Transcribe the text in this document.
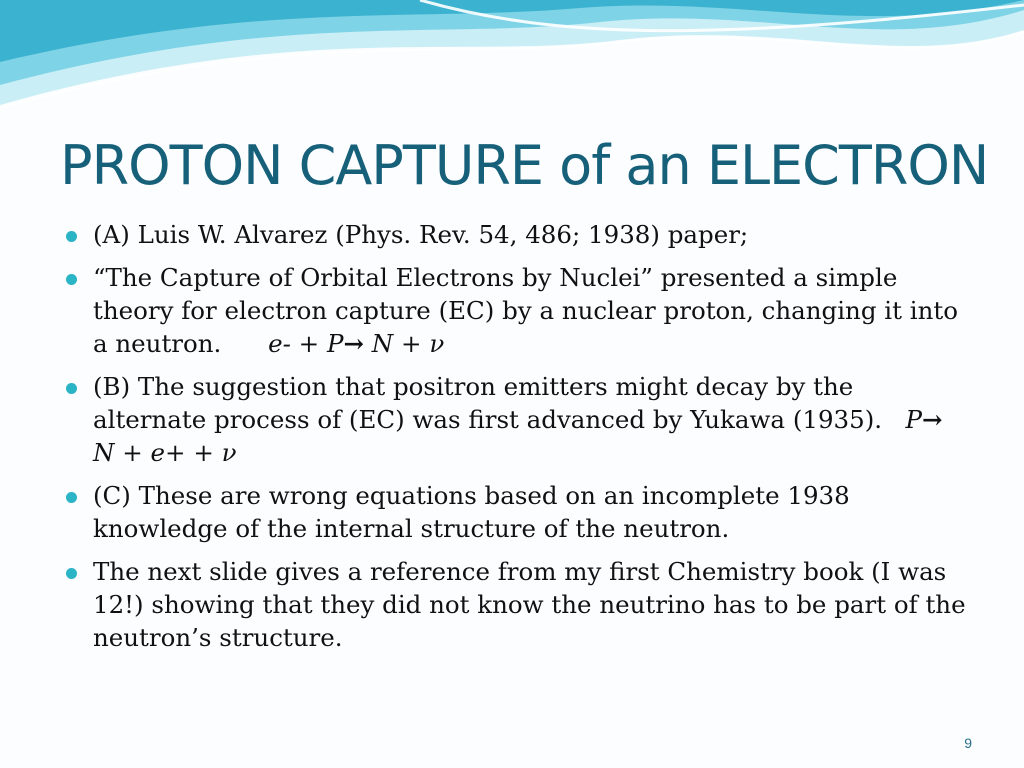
PROTON CAPTURE of an ELECTRON
(A) Luis W. Alvarez (Phys. Rev. 54, 486; 1938) paper;
“The Capture of Orbital Electrons by Nuclei” presented a simple theory for electron capture (EC) by a nuclear proton, changing it into a neutron. e- + P→ N + ν
(B) The suggestion that positron emitters might decay by the alternate process of (EC) was first advanced by Yukawa (1935). P→ N + e+ + ν
(C) These are wrong equations based on an incomplete 1938 knowledge of the internal structure of the neutron.
The next slide gives a reference from my first Chemistry book (I was 12!) showing that they did not know the neutrino has to be part of the neutron’s structure.
9
